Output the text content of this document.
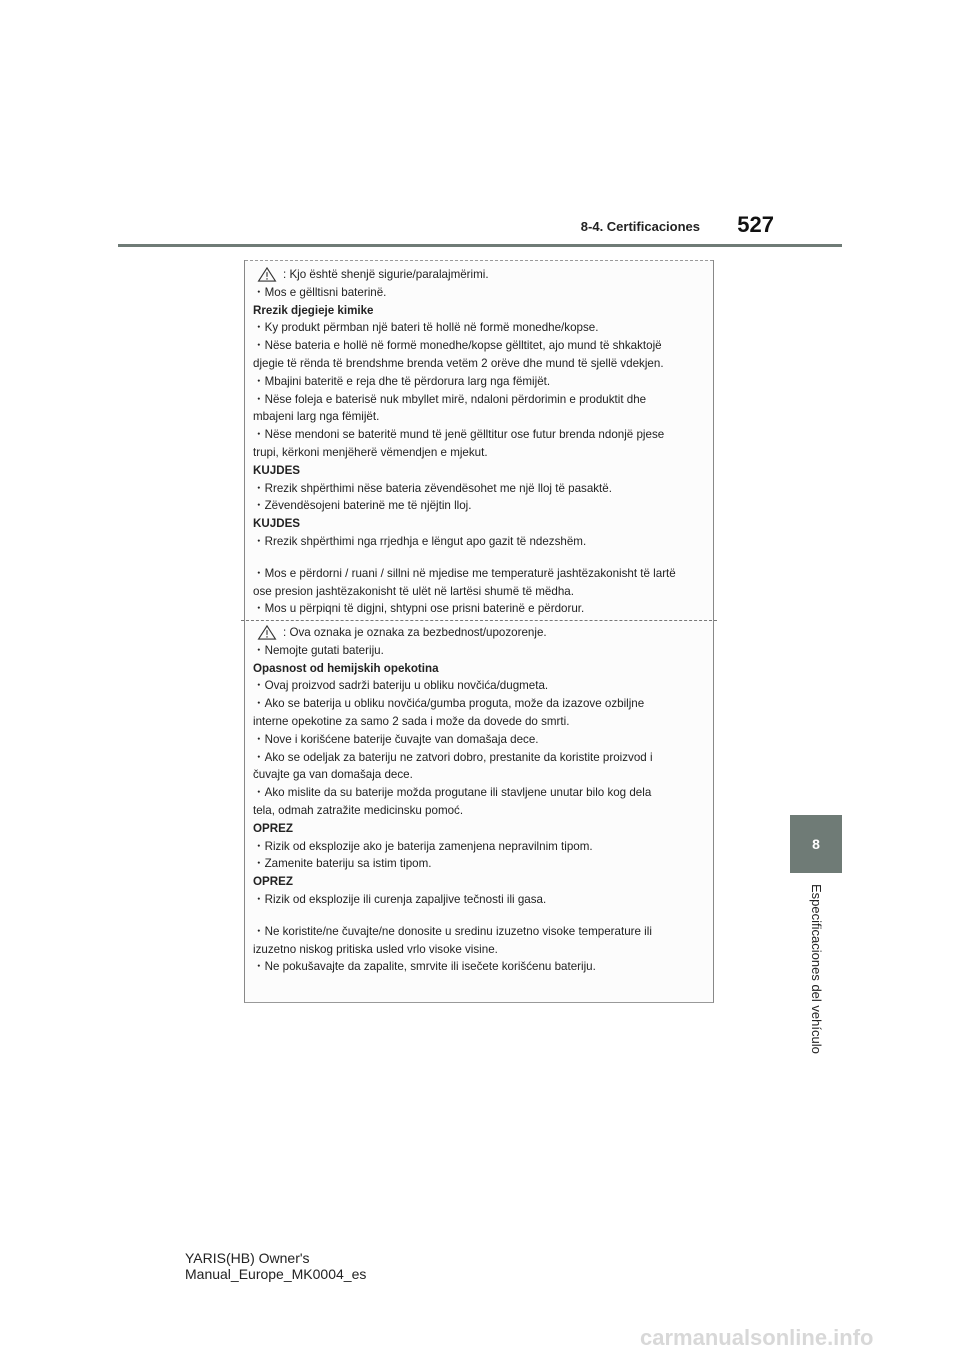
8-4. Certificaciones	527
8
Especificaciones del vehículo

: Kjo është shenjë sigurie/paralajmërimi.

・Mos e gëlltisni baterinë.

Rrezik djegieje kimike

・Ky produkt përmban një bateri të hollë në formë monedhe/kopse.

・Nëse bateria e hollë në formë monedhe/kopse gëlltitet, ajo mund të shkaktojë

djegie të rënda të brendshme brenda vetëm 2 orëve dhe mund të sjellë vdekjen.

・Mbajini bateritë e reja dhe të përdorura larg nga fëmijët.

・Nëse foleja e baterisë nuk mbyllet mirë, ndaloni përdorimin e produktit dhe

mbajeni larg nga fëmijët.

・Nëse mendoni se bateritë mund të jenë gëlltitur ose futur brenda ndonjë pjese

trupi, kërkoni menjëherë vëmendjen e mjekut.

KUJDES

・Rrezik shpërthimi nëse bateria zëvendësohet me një lloj të pasaktë.

・Zëvendësojeni baterinë me të njëjtin lloj.

KUJDES

・Rrezik shpërthimi nga rrjedhja e lëngut apo gazit të ndezshëm.

・Mos e përdorni / ruani / sillni në mjedise me temperaturë jashtëzakonisht të lartë

ose presion jashtëzakonisht të ulët në lartësi shumë të mëdha.

・Mos u përpiqni të digjni, shtypni ose prisni baterinë e përdorur.

: Ova oznaka je oznaka za bezbednost/upozorenje.

・Nemojte gutati bateriju.

Opasnost od hemijskih opekotina

・Ovaj proizvod sadrži bateriju u obliku novčića/dugmeta.

・Ako se baterija u obliku novčića/gumba proguta, može da izazove ozbiljne

interne opekotine za samo 2 sada i može da dovede do smrti.

・Nove i korišćene baterije čuvajte van domašaja dece.

・Ako se odeljak za bateriju ne zatvori dobro, prestanite da koristite proizvod i

čuvajte ga van domašaja dece.

・Ako mislite da su baterije možda progutane ili stavljene unutar bilo kog dela

tela, odmah zatražite medicinsku pomoć.

OPREZ

・Rizik od eksplozije ako je baterija zamenjena nepravilnim tipom.

・Zamenite bateriju sa istim tipom.

OPREZ

・Rizik od eksplozije ili curenja zapaljive tečnosti ili gasa.

・Ne koristite/ne čuvajte/ne donosite u sredinu izuzetno visoke temperature ili

izuzetno niskog pritiska usled vrlo visoke visine.

・Ne pokušavajte da zapalite, smrvite ili isečete korišćenu bateriju.

YARIS(HB) Owner's Manual_Europe_MK0004_es
carmanualsonline.info
